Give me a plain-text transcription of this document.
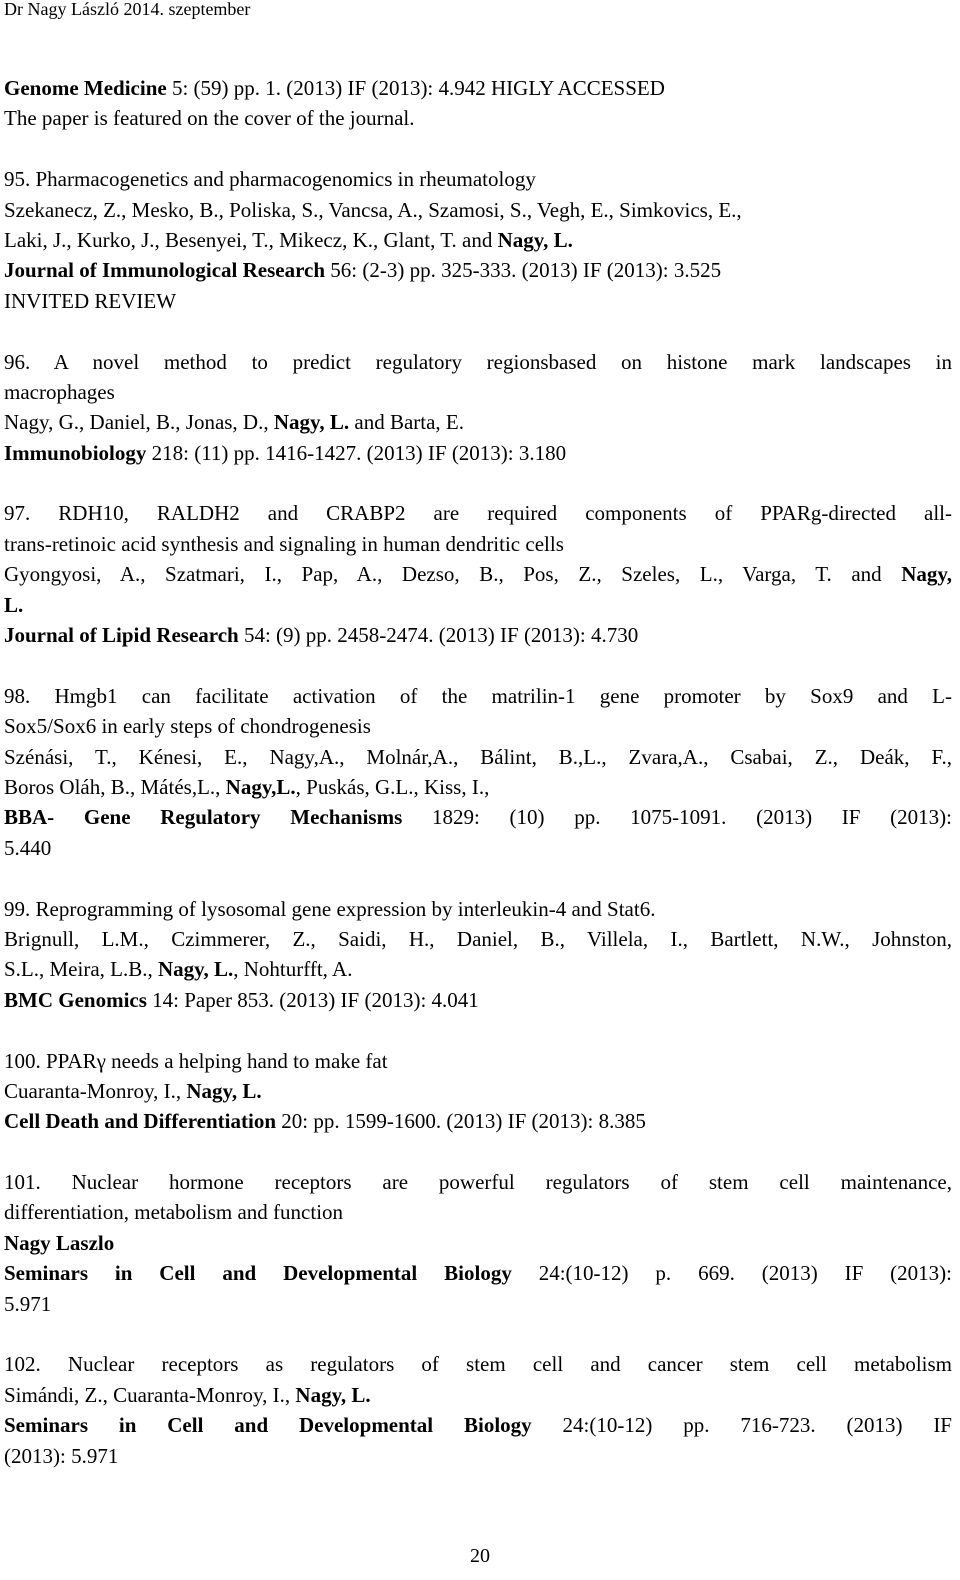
Dr Nagy László 2014. szeptember
Genome Medicine 5: (59) pp. 1. (2013) IF (2013): 4.942 HIGLY ACCESSED
The paper is featured on the cover of the journal.
95. Pharmacogenetics and pharmacogenomics in rheumatology
Szekanecz, Z., Mesko, B., Poliska, S., Vancsa, A., Szamosi, S., Vegh, E., Simkovics, E.,
Laki, J., Kurko, J., Besenyei, T., Mikecz, K., Glant, T. and Nagy, L.
Journal of Immunological Research 56: (2-3) pp. 325-333. (2013) IF (2013): 3.525
INVITED REVIEW
96. A novel method to predict regulatory regionsbased on histone mark landscapes in
macrophages
Nagy, G., Daniel, B., Jonas, D., Nagy, L. and Barta, E.
Immunobiology 218: (11) pp. 1416-1427. (2013) IF (2013): 3.180
97. RDH10, RALDH2 and CRABP2 are required components of PPARg-directed all-
trans-retinoic acid synthesis and signaling in human dendritic cells
Gyongyosi, A., Szatmari, I., Pap, A., Dezso, B., Pos, Z., Szeles, L., Varga, T. and Nagy,
L.
Journal of Lipid Research 54: (9) pp. 2458-2474. (2013) IF (2013): 4.730
98. Hmgb1 can facilitate activation of the matrilin-1 gene promoter by Sox9 and L-
Sox5/Sox6 in early steps of chondrogenesis
Szénási, T., Kénesi, E., Nagy,A., Molnár,A., Bálint, B.,L., Zvara,A., Csabai, Z., Deák, F.,
Boros Oláh, B., Mátés,L., Nagy,L., Puskás, G.L., Kiss, I.,
BBA- Gene Regulatory Mechanisms 1829: (10) pp. 1075-1091. (2013) IF (2013):
5.440
99. Reprogramming of lysosomal gene expression by interleukin-4 and Stat6.
Brignull, L.M., Czimmerer, Z., Saidi, H., Daniel, B., Villela, I., Bartlett, N.W., Johnston,
S.L., Meira, L.B., Nagy, L., Nohturfft, A.
BMC Genomics 14: Paper 853. (2013) IF (2013): 4.041
100. PPARγ needs a helping hand to make fat
Cuaranta-Monroy, I., Nagy, L.
Cell Death and Differentiation 20: pp. 1599-1600. (2013) IF (2013): 8.385
101. Nuclear hormone receptors are powerful regulators of stem cell maintenance,
differentiation, metabolism and function
Nagy Laszlo
Seminars in Cell and Developmental Biology 24:(10-12) p. 669. (2013) IF (2013):
5.971
102. Nuclear receptors as regulators of stem cell and cancer stem cell metabolism
Simándi, Z., Cuaranta-Monroy, I., Nagy, L.
Seminars in Cell and Developmental Biology 24:(10-12) pp. 716-723. (2013) IF
(2013): 5.971
20
